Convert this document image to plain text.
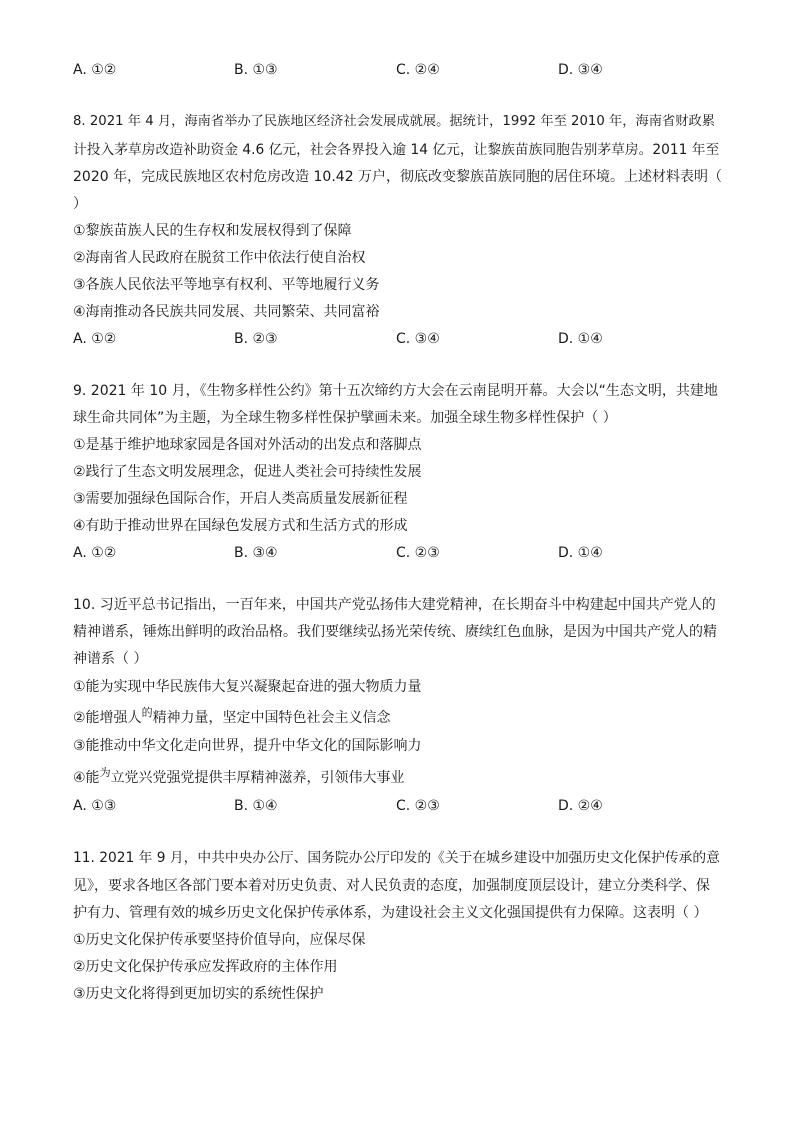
A. ①②	B. ①③	C. ②④	D. ③④
8. 2021 年 4 月，海南省举办了民族地区经济社会发展成就展。据统计，1992 年至 2010 年，海南省财政累
计投入茅草房改造补助资金 4.6 亿元，社会各界投入逾 14 亿元，让黎族苗族同胞告别茅草房。2011 年至
2020 年，完成民族地区农村危房改造 10.42 万户，彻底改变黎族苗族同胞的居住环境。上述材料表明（
）
①黎族苗族人民的生存权和发展权得到了保障
②海南省人民政府在脱贫工作中依法行使自治权
③各族人民依法平等地享有权利、平等地履行义务
④海南推动各民族共同发展、共同繁荣、共同富裕
A. ①②	B. ②③	C. ③④	D. ①④
9. 2021 年 10 月，《生物多样性公约》第十五次缔约方大会在云南昆明开幕。大会以“生态文明，共建地
球生命共同体”为主题，为全球生物多样性保护擘画未来。加强全球生物多样性保护（ ）
①是基于维护地球家园是各国对外活动的出发点和落脚点
②践行了生态文明发展理念，促进人类社会可持续性发展
③需要加强绿色国际合作，开启人类高质量发展新征程
④有助于推动世界在国绿色发展方式和生活方式的形成
A. ①②	B. ③④	C. ②③	D. ①④
10. 习近平总书记指出，一百年来，中国共产党弘扬伟大建党精神，在长期奋斗中构建起中国共产党人的
精神谱系，锤炼出鲜明的政治品格。我们要继续弘扬光荣传统、赓续红色血脉，是因为中国共产党人的精
神谱系（ ）
①能为实现中华民族伟大复兴凝聚起奋进的强大物质力量
②能增强人$^的$精神力量，坚定中国特色社会主义信念
③能推动中华文化走向世界，提升中华文化的国际影响力
④能$^为$立党兴党强党提供丰厚精神滋养，引领伟大事业
A. ①③	B. ①④	C. ②③	D. ②④
11. 2021 年 9 月，中共中央办公厅、国务院办公厅印发的《关于在城乡建设中加强历史文化保护传承的意
见》，要求各地区各部门要本着对历史负责、对人民负责的态度，加强制度顶层设计，建立分类科学、保
护有力、管理有效的城乡历史文化保护传承体系，为建设社会主义文化强国提供有力保障。这表明（ ）
①历史文化保护传承要坚持价值导向，应保尽保
②历史文化保护传承应发挥政府的主体作用
③历史文化将得到更加切实的系统性保护
